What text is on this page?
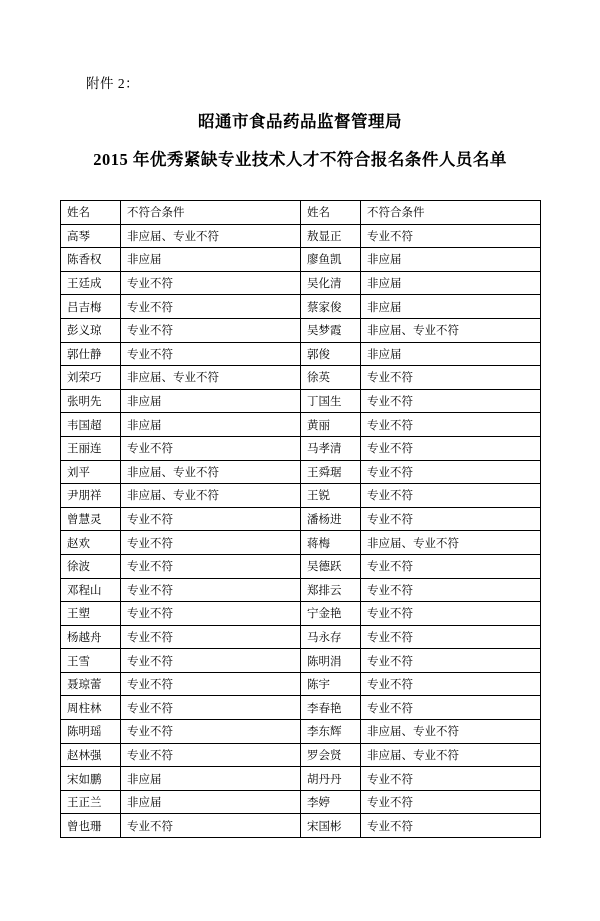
附件 2：
昭通市食品药品监督管理局
2015 年优秀紧缺专业技术人才不符合报名条件人员名单
姓名	不符合条件	姓名	不符合条件
高琴	非应届、专业不符	敖显正	专业不符
陈香权	非应届	廖鱼凯	非应届
王廷成	专业不符	吴化清	非应届
吕吉梅	专业不符	蔡家俊	非应届
彭义琼	专业不符	吴梦霞	非应届、专业不符
郭仕静	专业不符	郭俊	非应届
刘荣巧	非应届、专业不符	徐英	专业不符
张明先	非应届	丁国生	专业不符
韦国超	非应届	黄丽	专业不符
王丽连	专业不符	马孝清	专业不符
刘平	非应届、专业不符	王舜琚	专业不符
尹朋祥	非应届、专业不符	王锐	专业不符
曾慧灵	专业不符	潘杨进	专业不符
赵欢	专业不符	蒋梅	非应届、专业不符
徐波	专业不符	吴德跃	专业不符
邓程山	专业不符	郑排云	专业不符
王塑	专业不符	宁金艳	专业不符
杨越舟	专业不符	马永存	专业不符
王雪	专业不符	陈明涓	专业不符
聂琼蕾	专业不符	陈宇	专业不符
周柱林	专业不符	李春艳	专业不符
陈明瑶	专业不符	李东辉	非应届、专业不符
赵林强	专业不符	罗会贤	非应届、专业不符
宋如鹏	非应届	胡丹丹	专业不符
王正兰	非应届	李婷	专业不符
曾也珊	专业不符	宋国彬	专业不符
